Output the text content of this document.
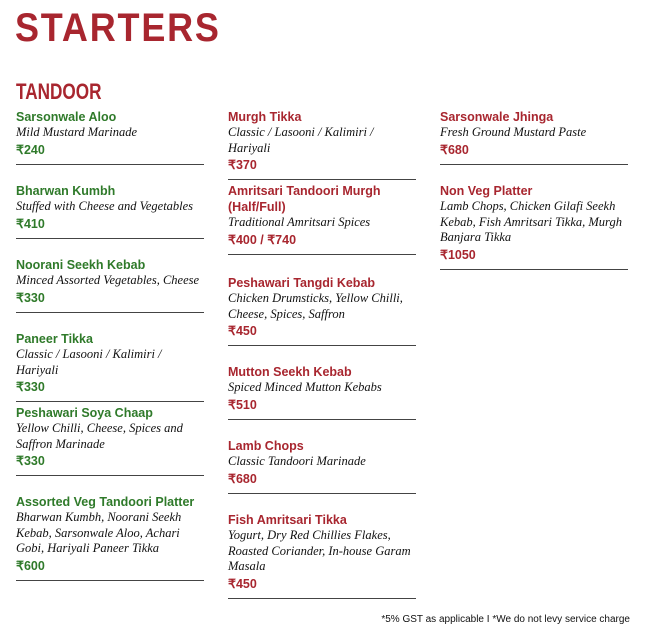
STARTERS
TANDOOR
Sarsonwale Aloo
Mild Mustard Marinade
₹240
Bharwan Kumbh
Stuffed with Cheese and Vegetables
₹410
Noorani Seekh Kebab
Minced Assorted Vegetables, Cheese
₹330
Paneer Tikka
Classic / Lasooni / Kalimiri / Hariyali
₹330
Peshawari Soya Chaap
Yellow Chilli, Cheese, Spices and Saffron Marinade
₹330
Assorted Veg Tandoori Platter
Bharwan Kumbh, Noorani Seekh Kebab, Sarsonwale Aloo, Achari Gobi, Hariyali Paneer Tikka
₹600
Murgh Tikka
Classic / Lasooni / Kalimiri / Hariyali
₹370
Amritsari Tandoori Murgh (Half/Full)
Traditional Amritsari Spices
₹400 / ₹740
Peshawari Tangdi Kebab
Chicken Drumsticks, Yellow Chilli, Cheese, Spices, Saffron
₹450
Mutton Seekh Kebab
Spiced Minced Mutton Kebabs
₹510
Lamb Chops
Classic Tandoori Marinade
₹680
Fish Amritsari Tikka
Yogurt, Dry Red Chillies Flakes, Roasted Coriander, In-house Garam Masala
₹450
Sarsonwale Jhinga
Fresh Ground Mustard Paste
₹680
Non Veg Platter
Lamb Chops, Chicken Gilafi Seekh Kebab, Fish Amritsari Tikka, Murgh Banjara Tikka
₹1050
*5% GST as applicable I *We do not levy service charge
